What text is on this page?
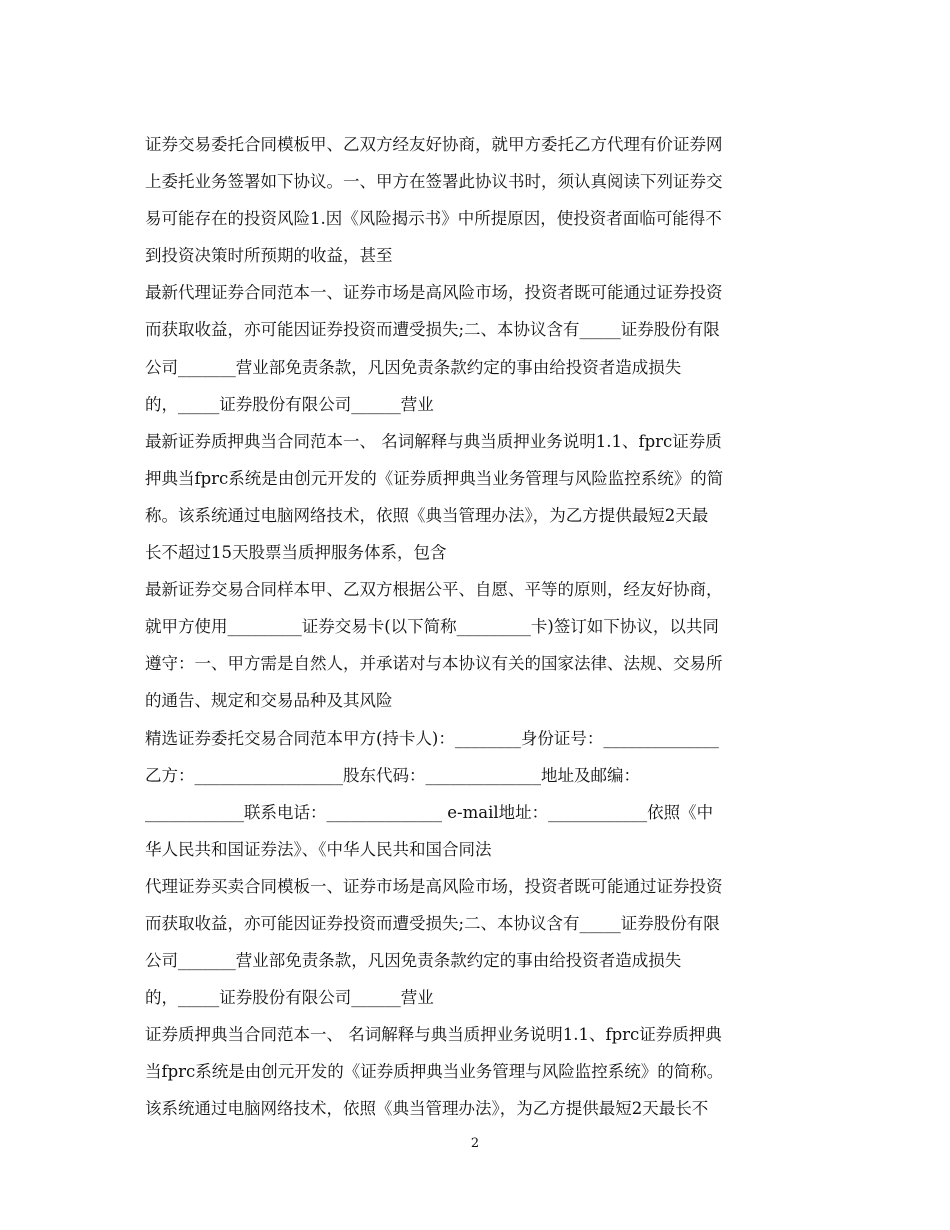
证券交易委托合同模板甲、乙双方经友好协商，就甲方委托乙方代理有价证券网
上委托业务签署如下协议。一、甲方在签署此协议书时，须认真阅读下列证券交
易可能存在的投资风险1.因《风险揭示书》中所提原因，使投资者面临可能得不
到投资决策时所预期的收益，甚至
最新代理证券合同范本一、证券市场是高风险市场，投资者既可能通过证券投资
而获取收益，亦可能因证券投资而遭受损失;二、本协议含有_____证券股份有限
公司_______营业部免责条款，凡因免责条款约定的事由给投资者造成损失
的，_____证券股份有限公司______营业
最新证券质押典当合同范本一、 名词解释与典当质押业务说明1.1、fprc证券质
押典当fprc系统是由创元开发的《证券质押典当业务管理与风险监控系统》的简
称。该系统通过电脑网络技术，依照《典当管理办法》，为乙方提供最短2天最
长不超过15天股票当质押服务体系，包含
最新证券交易合同样本甲、乙双方根据公平、自愿、平等的原则，经友好协商，
就甲方使用_________证券交易卡(以下简称_________卡)签订如下协议，以共同
遵守：一、甲方需是自然人，并承诺对与本协议有关的国家法律、法规、交易所
的通告、规定和交易品种及其风险
精选证券委托交易合同范本甲方(持卡人)：________身份证号：______________
乙方：__________________股东代码：______________地址及邮编：
____________联系电话：______________ e-mail地址：____________依照《中
华人民共和国证券法》、《中华人民共和国合同法
代理证券买卖合同模板一、证券市场是高风险市场，投资者既可能通过证券投资
而获取收益，亦可能因证券投资而遭受损失;二、本协议含有_____证券股份有限
公司_______营业部免责条款，凡因免责条款约定的事由给投资者造成损失
的，_____证券股份有限公司______营业
证券质押典当合同范本一、 名词解释与典当质押业务说明1.1、fprc证券质押典
当fprc系统是由创元开发的《证券质押典当业务管理与风险监控系统》的简称。
该系统通过电脑网络技术，依照《典当管理办法》，为乙方提供最短2天最长不
2
